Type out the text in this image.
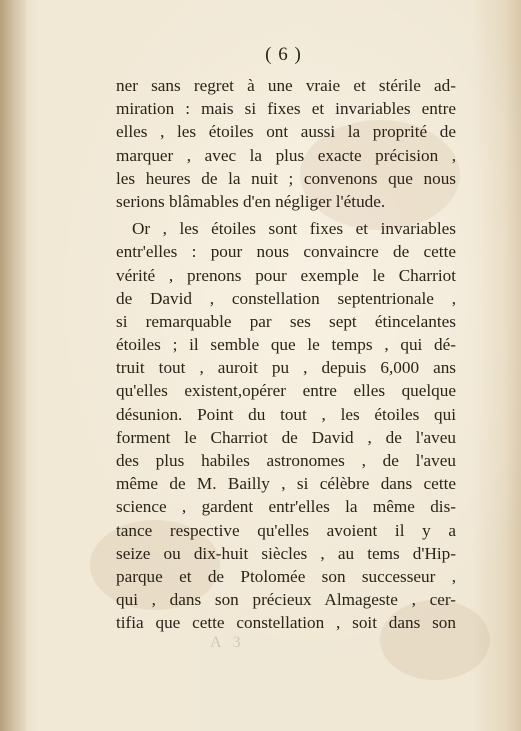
( 6 )
ner sans regret à une vraie et stérile ad-
miration : mais si fixes et invariables entre
elles , les étoiles ont aussi la proprité de
marquer , avec la plus exacte précision ,
les heures de la nuit ; convenons que nous
serions blâmables d'en négliger l'étude.
Or , les étoiles sont fixes et invariables
entr'elles : pour nous convaincre de cette
vérité , prenons pour exemple le Charriot
de David , constellation septentrionale ,
si remarquable par ses sept étincelantes
étoiles ; il semble que le temps , qui dé-
truit tout , auroit pu , depuis 6,000 ans
qu'elles existent,opérer entre elles quelque
désunion. Point du tout , les étoiles qui
forment le Charriot de David , de l'aveu
des plus habiles astronomes , de l'aveu
même de M. Bailly , si célèbre dans cette
science , gardent entr'elles la même dis-
tance respective qu'elles avoient il y a
seize ou dix-huit siècles , au tems d'Hip-
parque et de Ptolomée son successeur ,
qui , dans son précieux Almageste , cer-
tifia que cette constellation , soit dans son
A 3
